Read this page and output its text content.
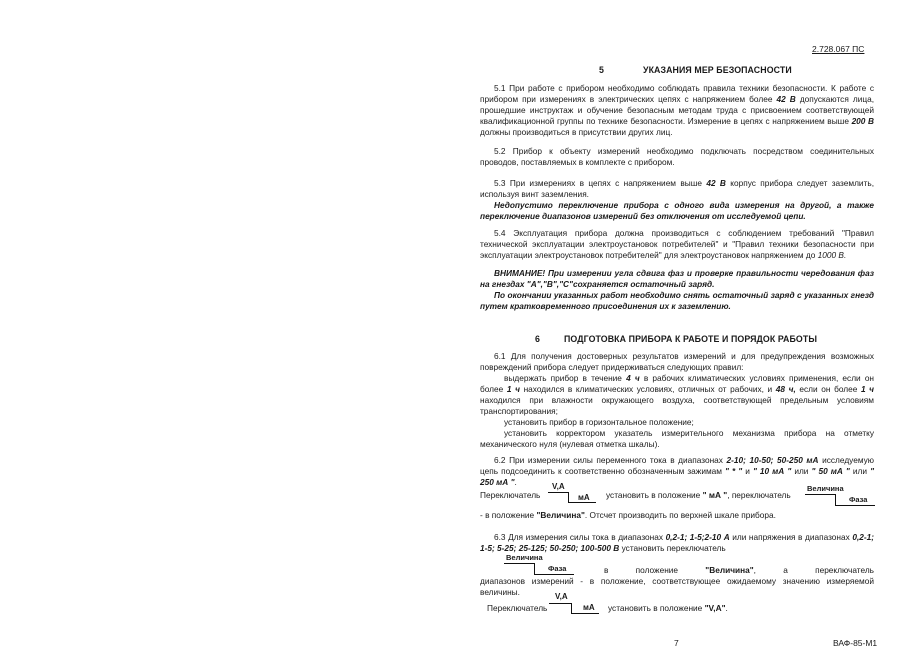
2.728.067 ПС
5	УКАЗАНИЯ МЕР БЕЗОПАСНОСТИ

5.1 При работе с прибором необходимо соблюдать правила техники безопасности. К работе с прибором при измерениях в электрических цепях с напряжением более 42 В допускаются лица, прошедшие инструктаж и обучение безопасным методам труда с присвоением соответствующей квалификационной группы по технике безопасности. Измерение в цепях с напряжением выше 200 В должны производиться в присутствии других лиц.

5.2 Прибор к объекту измерений необходимо подключать посредством соединительных проводов, поставляемых в комплекте с прибором.

5.3 При измерениях в цепях с напряжением выше 42 В корпус прибора следует заземлить, используя винт заземления.

Недопустимо переключение прибора с одного вида измерения на другой, а также переключение диапазонов измерений без отключения от исследуемой цепи.

5.4 Эксплуатация прибора должна производиться с соблюдением требований "Правил технической эксплуатации электроустановок потребителей" и "Правил техники безопасности при эксплуатации электроустановок потребителей" для электроустановок напряжением до 1000 В.

ВНИМАНИЕ! При измерении угла сдвига фаз и проверке правильности чередования фаз на гнездах "А","В","С"сохраняется остаточный заряд.

По окончании указанных работ необходимо снять остаточный заряд с указанных гнезд путем кратковременного присоединения их к заземлению.

6	ПОДГОТОВКА ПРИБОРА К РАБОТЕ И ПОРЯДОК РАБОТЫ

6.1 Для получения достоверных результатов измерений и для предупреждения возможных повреждений прибора следует придерживаться следующих правил:

выдержать прибор в течение 4 ч в рабочих климатических условиях применения, если он более 1 ч находился в климатических условиях, отличных от рабочих, и 48 ч, если он более 1 ч находился при влажности окружающего воздуха, соответствующей предельным условиям транспортирования;

установить прибор в горизонтальное положение;

установить корректором указатель измерительного механизма прибора на отметку механического нуля (нулевая отметка шкалы).

6.2 При измерении силы переменного тока в диапазонах 2-10; 10-50; 50-250 мА исследуемую цепь подсоединить к соответственно обозначенным зажимам " * " и " 10 мА " или " 50 мА " или " 250 мА ".

Переключатель
V,A
мА установить в положение " мА ", переключатель
Величина
Фаза
- в положение "Величина". Отсчет производить по верхней шкале прибора.

6.3 Для измерения силы тока в диапазонах 0,2-1; 1-5;2-10 А или напряжения в диапазонах 0,2-1; 1-5; 5-25; 25-125; 50-250; 100-500 В установить переключатель

Величина
Фаза	в положение	"Величина", а переключатель

диапазонов измерений - в положение, соответствующее ожидаемому значению измеряемой величины.

Переключатель
V,A
мА установить в положение "V,A".
7	ВАФ-85-М1
